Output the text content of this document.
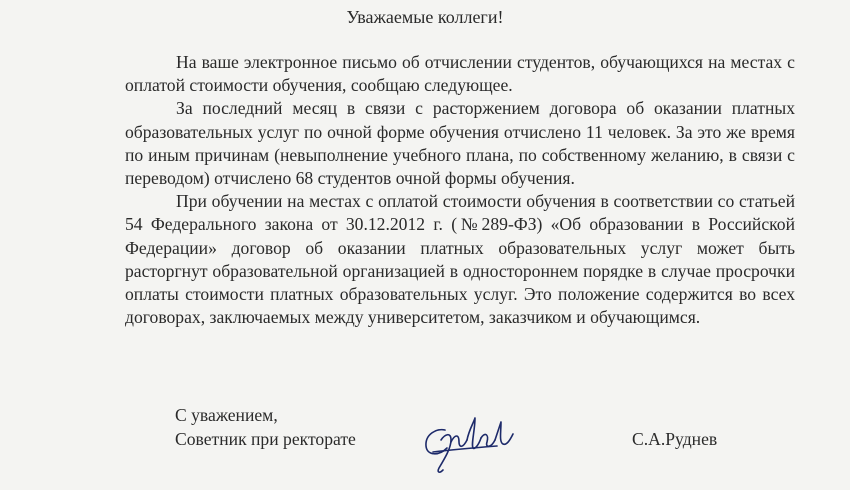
Уважаемые коллеги!

На ваше электронное письмо об отчислении студентов, обучающихся на местах с оплатой стоимости обучения, сообщаю следующее.

За последний месяц в связи с расторжением договора об оказании платных образовательных услуг по очной форме обучения отчислено 11 человек. За это же время по иным причинам (невыполнение учебного плана, по собственному желанию, в связи с переводом) отчислено 68 студентов очной формы обучения.

При обучении на местах с оплатой стоимости обучения в соответствии со статьей 54 Федерального закона от 30.12.2012 г. (№289-ФЗ) «Об образовании в Российской Федерации» договор об оказании платных образовательных услуг может быть расторгнут образовательной организацией в одностороннем порядке в случае просрочки оплаты стоимости платных образовательных услуг. Это положение содержится во всех договорах, заключаемых между университетом, заказчиком и обучающимся.

С уважением,
Советник при ректорате	С.А.Руднев
